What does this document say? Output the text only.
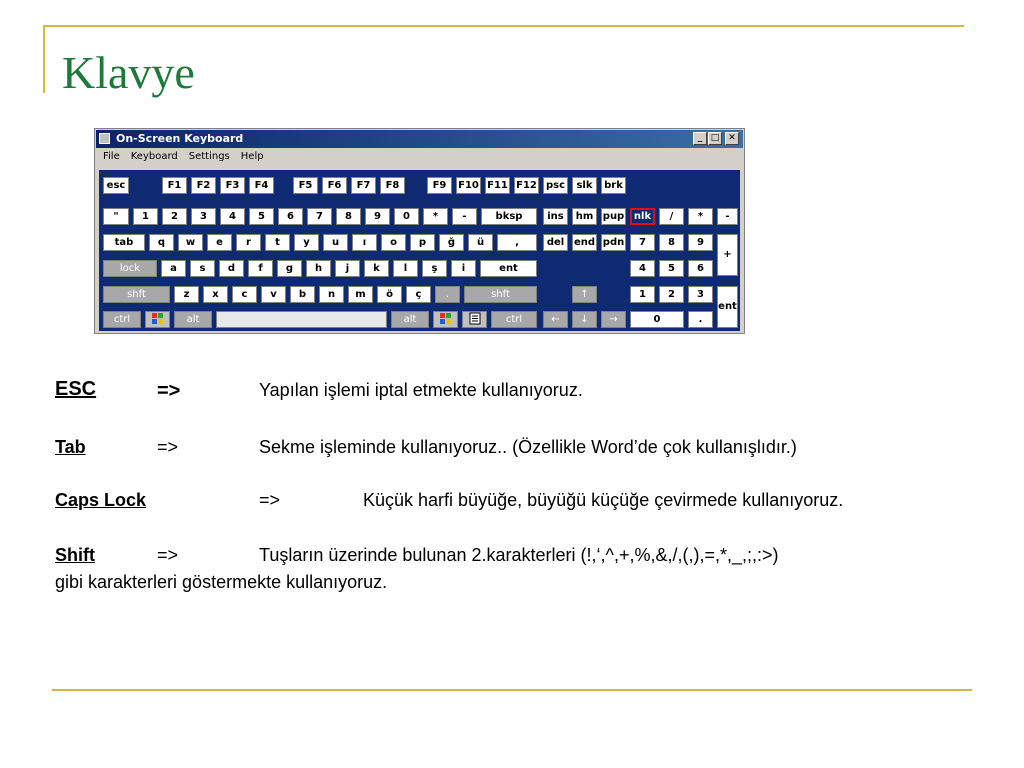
Klavye
On-Screen Keyboard	_ □ ✕
File Keyboard Settings Help
esc	F1	F2	F3	F4	F5	F6	F7	F8	F9	F10 F11 F12 psc	slk	brk
"	1	2	3	4	5	6	7	8	9	0	*	-	bksp	ins	hm pup nlk	/	*	-
tab	q	w	e	r	t	y	u	ı	o	p	ğ	ü	,	del end pdn	7	8	9
+
lock	a	s	d	f	g	h	j	k	l	ş	i	ent	4	5	6
shft	z	x	c	v	b	n	m	ö	ç	.	shft	↑	1	2	3
ent
ctrl	alt	alt	ctrl	←	↓	→	0	.
ESC	=>	Yapılan işlemi iptal etmekte kullanıyoruz.
Tab	=>	Sekme işleminde kullanıyoruz.. (Özellikle Word’de çok kullanışlıdır.)
Caps Lock	=>	Küçük harfi büyüğe, büyüğü küçüğe çevirmede kullanıyoruz.
Shift	=>	Tuşların üzerinde bulunan 2.karakterleri (!,‘,^,+,%,&,/,(,),=,*,_,;,:>)
gibi karakterleri göstermekte kullanıyoruz.
